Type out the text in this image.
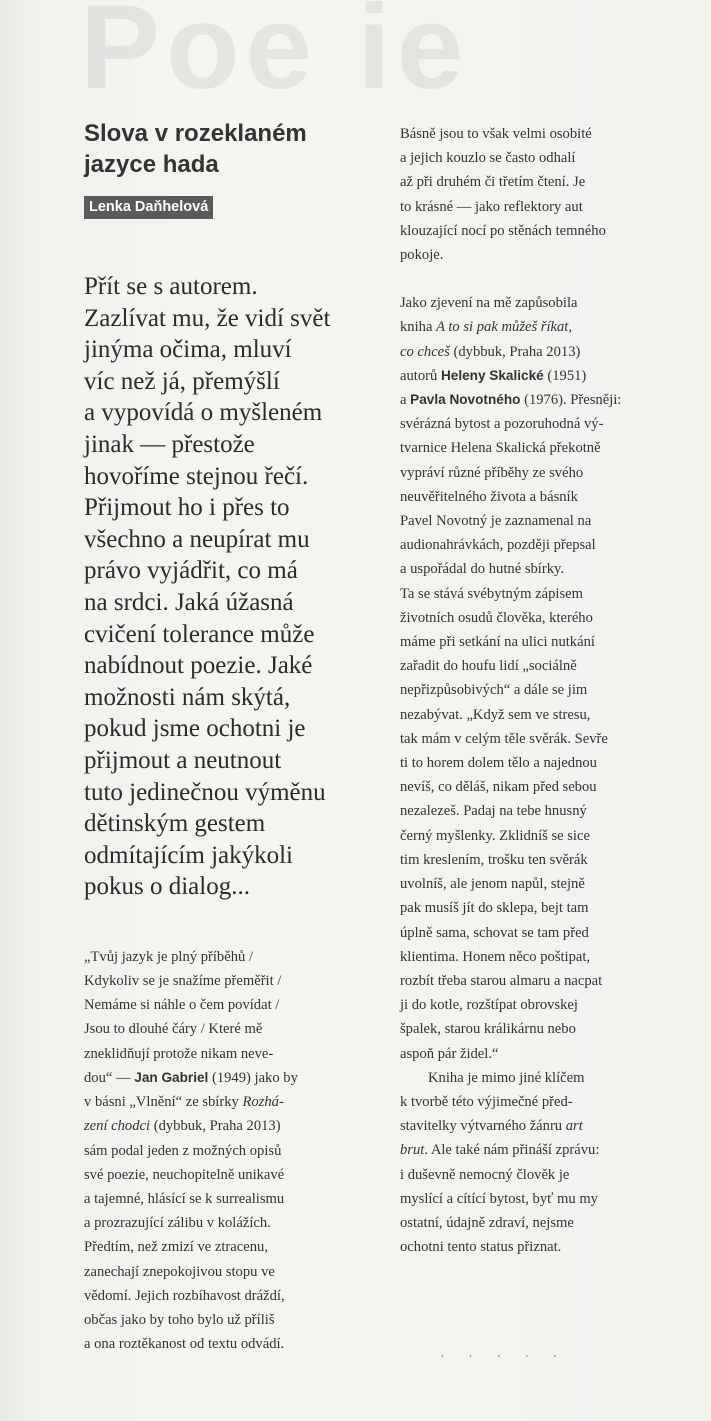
Poe ie
Slova v rozeklaném
jazyce hada
Lenka Daňhelová
Přít se s autorem.
Zazlívat mu, že vidí svět
jinýma očima, mluví
víc než já, přemýšlí
a vypovídá o myšleném
jinak — přestože
hovoříme stejnou řečí.
Přijmout ho i přes to
všechno a neupírat mu
právo vyjádřit, co má
na srdci. Jaká úžasná
cvičení tolerance může
nabídnout poezie. Jaké
možnosti nám skýtá,
pokud jsme ochotni je
přijmout a neutnout
tuto jedinečnou výměnu
dětinským gestem
odmítajícím jakýkoli
pokus o dialog...
„Tvůj jazyk je plný příběhů /
Kdykoliv se je snažíme přeměřit /
Nemáme si náhle o čem povídat /
Jsou to dlouhé čáry / Které mě
zneklidňují protože nikam neve-
dou“ — Jan Gabriel (1949) jako by
v básni „Vlnění“ ze sbírky Rozhá-
zení chodci (dybbuk, Praha 2013)
sám podal jeden z možných opisů
své poezie, neuchopitelně unikavé
a tajemné, hlásící se k surrealismu
a prozrazující zálibu v kolážích.
Předtím, než zmizí ve ztracenu,
zanechají znepokojivou stopu ve
vědomí. Jejich rozbíhavost dráždí,
občas jako by toho bylo už příliš
a ona roztěkanost od textu odvádí.
Básně jsou to však velmi osobité
a jejich kouzlo se často odhalí
až při druhém či třetím čtení. Je
to krásné — jako reflektory aut
klouzající nocí po stěnách temného
pokoje.
Jako zjevení na mě zapůsobila
kniha A to si pak můžeš říkat,
co chceš (dybbuk, Praha 2013)
autorů Heleny Skalické (1951)
a Pavla Novotného (1976). Přesněji:
svérázná bytost a pozoruhodná vý-
tvarnice Helena Skalická překotně
vypráví různé příběhy ze svého
neuvěřitelného života a básník
Pavel Novotný je zaznamenal na
audionahrávkách, později přepsal
a uspořádal do hutné sbírky.
Ta se stává svébytným zápisem
životních osudů člověka, kterého
máme při setkání na ulici nutkání
zařadit do houfu lidí „sociálně
nepřizpůsobivých“ a dále se jim
nezabývat. „Když sem ve stresu,
tak mám v celým těle svěrák. Sevře
ti to horem dolem tělo a najednou
nevíš, co děláš, nikam před sebou
nezalezeš. Padaj na tebe hnusný
černý myšlenky. Zklidníš se sice
tim kreslením, trošku ten svěrák
uvolníš, ale jenom napůl, stejně
pak musíš jít do sklepa, bejt tam
úplně sama, schovat se tam před
klientima. Honem něco poštipat,
rozbít třeba starou almaru a nacpat
ji do kotle, rozštípat obrovskej
špalek, starou králikárnu nebo
aspoň pár židel.“
Kniha je mimo jiné klíčem
k tvorbě této výjimečné před-
stavitelky výtvarného žánru art
brut. Ale také nám přináší zprávu:
i duševně nemocný člověk je
myslící a cítící bytost, byť mu my
ostatní, údajně zdraví, nejsme
ochotni tento status přiznat.
· · · · ·
